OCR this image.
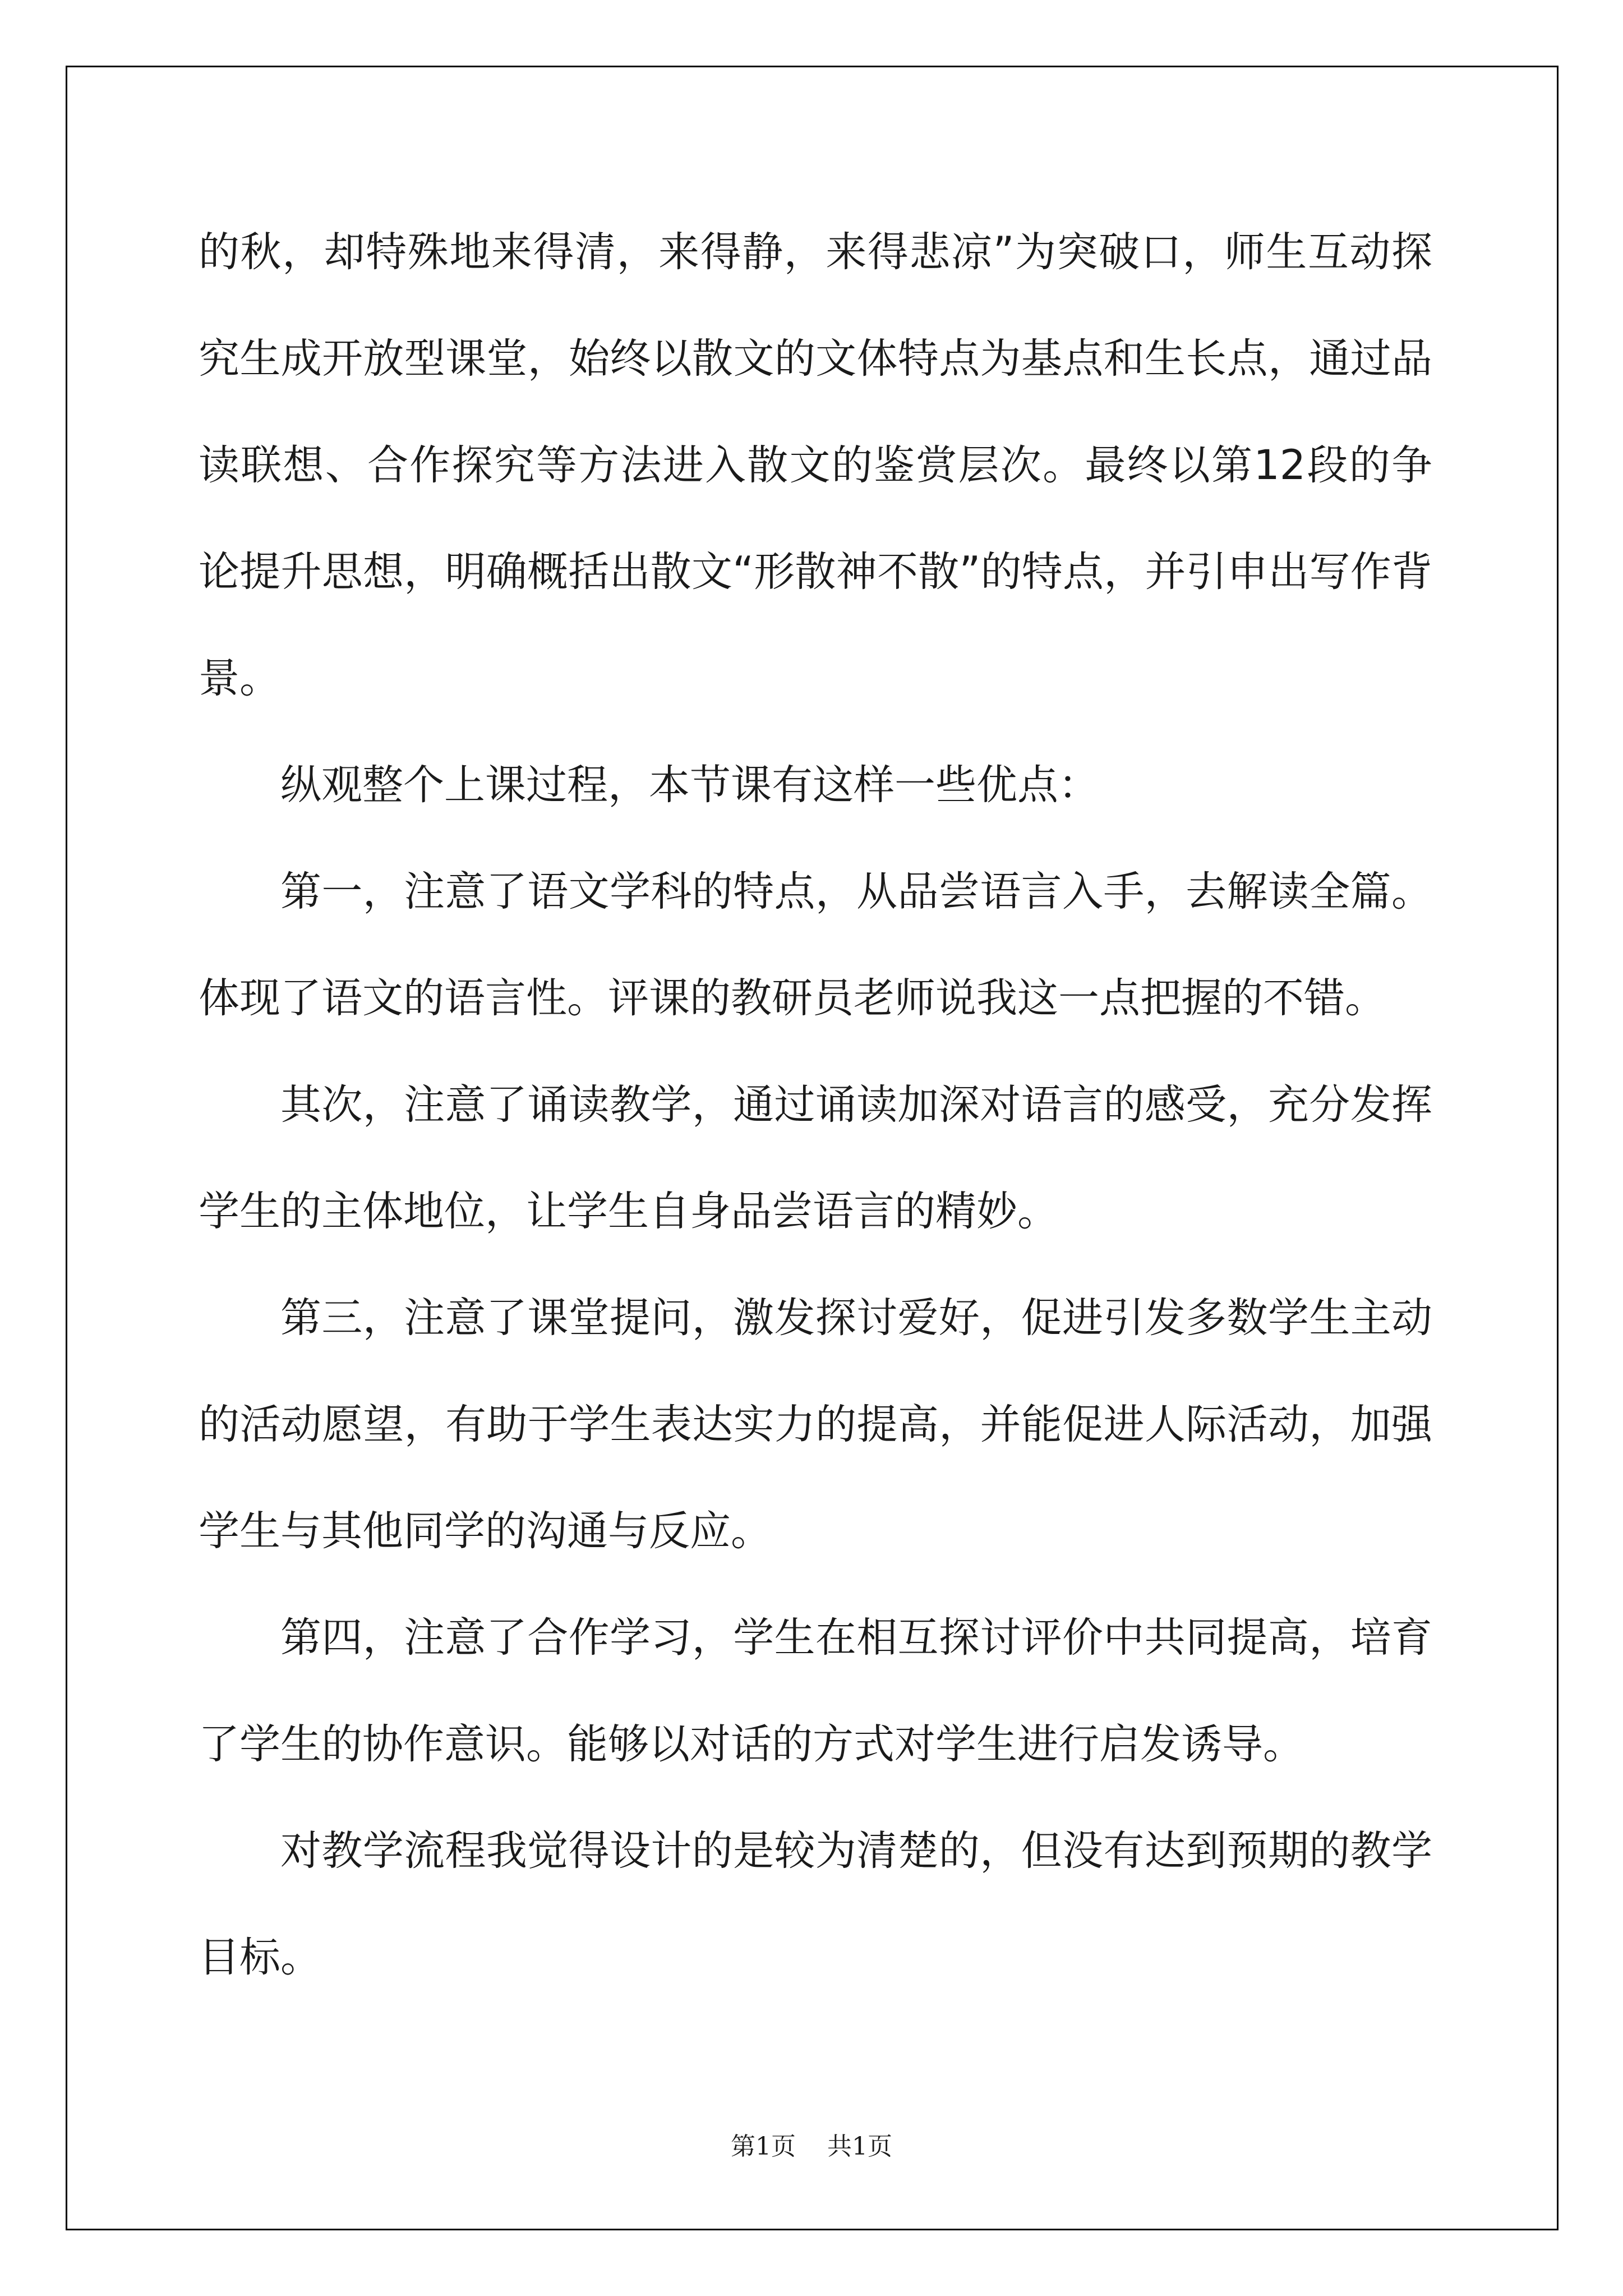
的秋，却特殊地来得清，来得静，来得悲凉”为突破口，师生互动探究生成开放型课堂，始终以散文的文体特点为基点和生长点，通过品读联想、合作探究等方法进入散文的鉴赏层次。最终以第12段的争论提升思想，明确概括出散文“形散神不散”的特点，并引申出写作背景。

纵观整个上课过程，本节课有这样一些优点：

第一，注意了语文学科的特点，从品尝语言入手，去解读全篇。体现了语文的语言性。评课的教研员老师说我这一点把握的不错。

其次，注意了诵读教学，通过诵读加深对语言的感受，充分发挥学生的主体地位，让学生自身品尝语言的精妙。

第三，注意了课堂提问，激发探讨爱好，促进引发多数学生主动的活动愿望，有助于学生表达实力的提高，并能促进人际活动，加强学生与其他同学的沟通与反应。

第四，注意了合作学习，学生在相互探讨评价中共同提高，培育了学生的协作意识。能够以对话的方式对学生进行启发诱导。

对教学流程我觉得设计的是较为清楚的，但没有达到预期的教学目标。

第1页 共1页
